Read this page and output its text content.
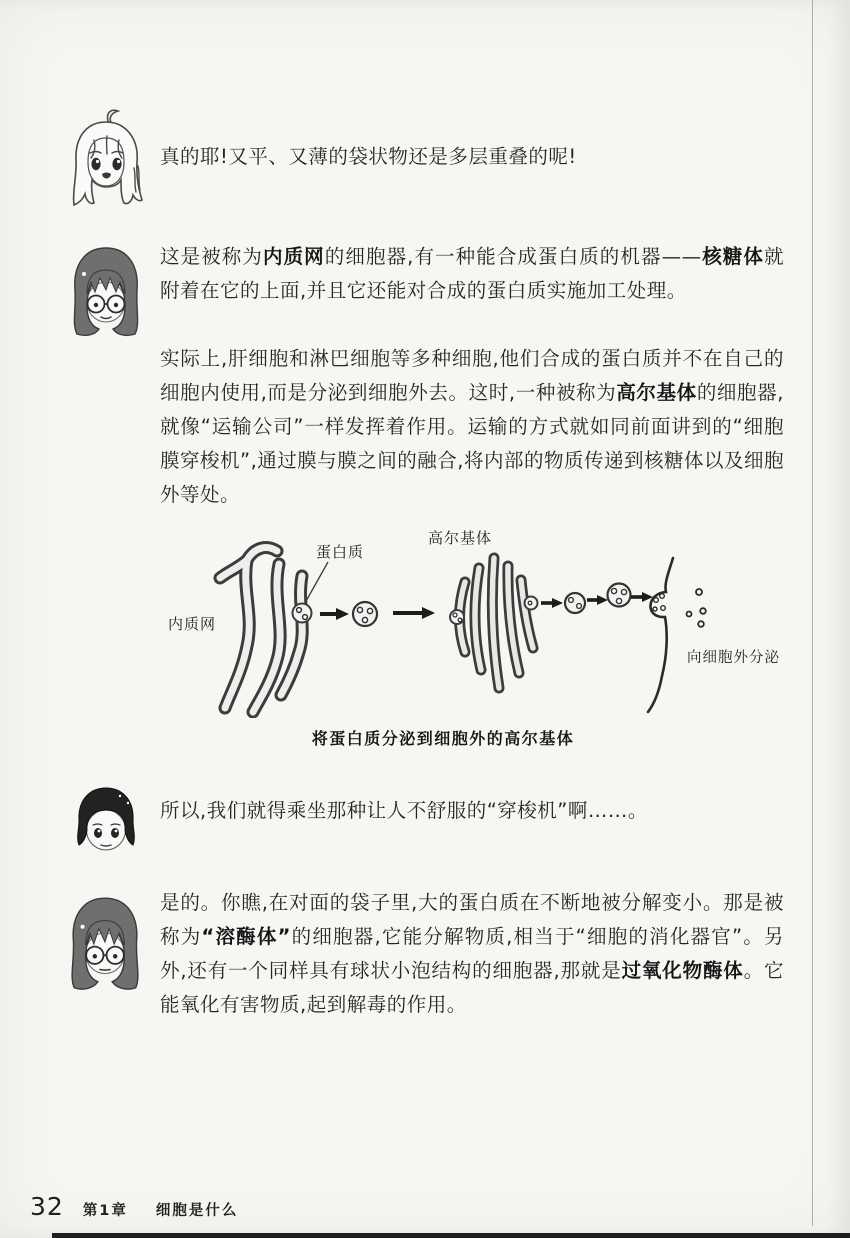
真的耶!又平、又薄的袋状物还是多层重叠的呢!
这是被称为内质网的细胞器,有一种能合成蛋白质的机器——核糖体就附着在它的上面,并且它还能对合成的蛋白质实施加工处理。
实际上,肝细胞和淋巴细胞等多种细胞,他们合成的蛋白质并不在自己的细胞内使用,而是分泌到细胞外去。这时,一种被称为高尔基体的细胞器,就像“运输公司”一样发挥着作用。运输的方式就如同前面讲到的“细胞膜穿梭机”,通过膜与膜之间的融合,将内部的物质传递到核糖体以及细胞外等处。
蛋白质
高尔基体
内质网
向细胞外分泌
将蛋白质分泌到细胞外的高尔基体
所以,我们就得乘坐那种让人不舒服的“穿梭机”啊……。
是的。你瞧,在对面的袋子里,大的蛋白质在不断地被分解变小。那是被称为“溶酶体”的细胞器,它能分解物质,相当于“细胞的消化器官”。另外,还有一个同样具有球状小泡结构的细胞器,那就是过氧化物酶体。它能氧化有害物质,起到解毒的作用。
32 第1章 细胞是什么
